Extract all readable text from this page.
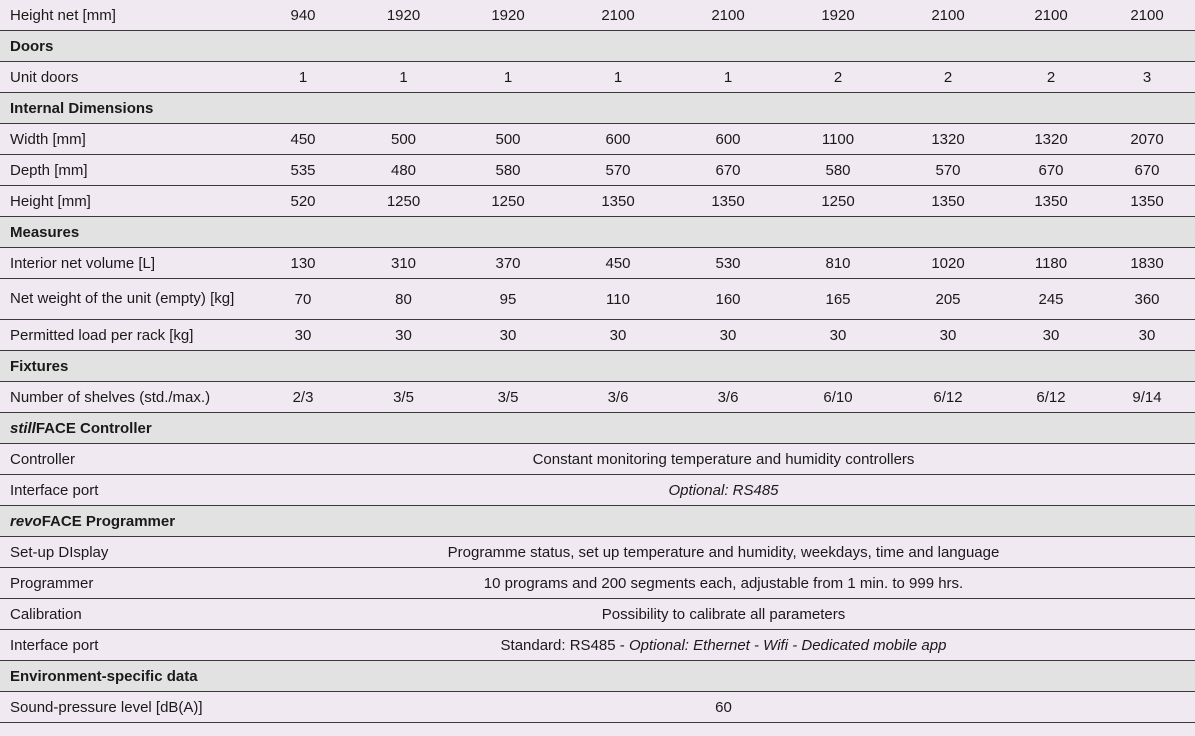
Height net [mm]	940	1920	1920	2100	2100	1920	2100	2100	2100
Doors									
Unit doors	1	1	1	1	1	2	2	2	3
Internal Dimensions									
Width [mm]	450	500	500	600	600	1100	1320	1320	2070
Depth [mm]	535	480	580	570	670	580	570	670	670
Height [mm]	520	1250	1250	1350	1350	1250	1350	1350	1350
Measures									
Interior net volume [L]	130	310	370	450	530	810	1020	1180	1830
Net weight of the unit (empty) [kg]	70	80	95	110	160	165	205	245	360
Permitted load per rack [kg]	30	30	30	30	30	30	30	30	30
Fixtures									
Number of shelves (std./max.)	2/3	3/5	3/5	3/6	3/6	6/10	6/12	6/12	9/14
stillFACE Controller									
Controller	Constant monitoring temperature and humidity controllers								
Interface port	Optional: RS485								
revoFACE Programmer									
Set-up DIsplay	Programme status, set up temperature and humidity, weekdays, time and language								
Programmer	10 programs and 200 segments each, adjustable from 1 min. to 999 hrs.								
Calibration	Possibility to calibrate all parameters								
Interface port	Standard: RS485 - Optional: Ethernet - Wifi - Dedicated mobile app								
Environment-specific data									
Sound-pressure level [dB(A)]	60								
